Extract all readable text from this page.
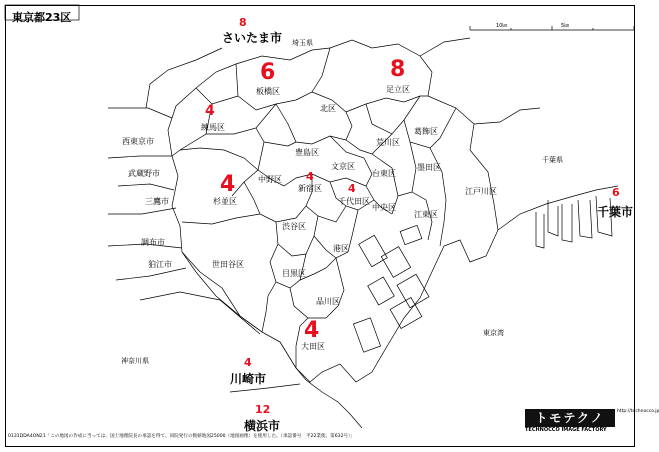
東京都23区
10㎞	5㎞
北区
板橋区	足立区
練馬区
荒川区
葛飾区
豊島区
文京区
台東区
墨田区
中野区
新宿区
千代田区
中央区
江東区
江戸川区
杉並区
渋谷区
港区
世田谷区
目黒区
品川区
大田区
埼玉県
千葉県
神奈川県
東京湾
西東京市
武蔵野市
三鷹市
調布市
狛江市
8
さいたま市
6
千葉市
4
川崎市
12
横浜市
6	8
4
4	4
4
4
トモテクノ
TECHNOCCO IMAGE FACTORY
http://technocco.jp
0131DDA4ON21「この地図の作成に当っては、国土地理院長の承認を得て、同院発行の数値地図25000（地図画像）を使用した。（承認番号　平22業使、第632号）」
